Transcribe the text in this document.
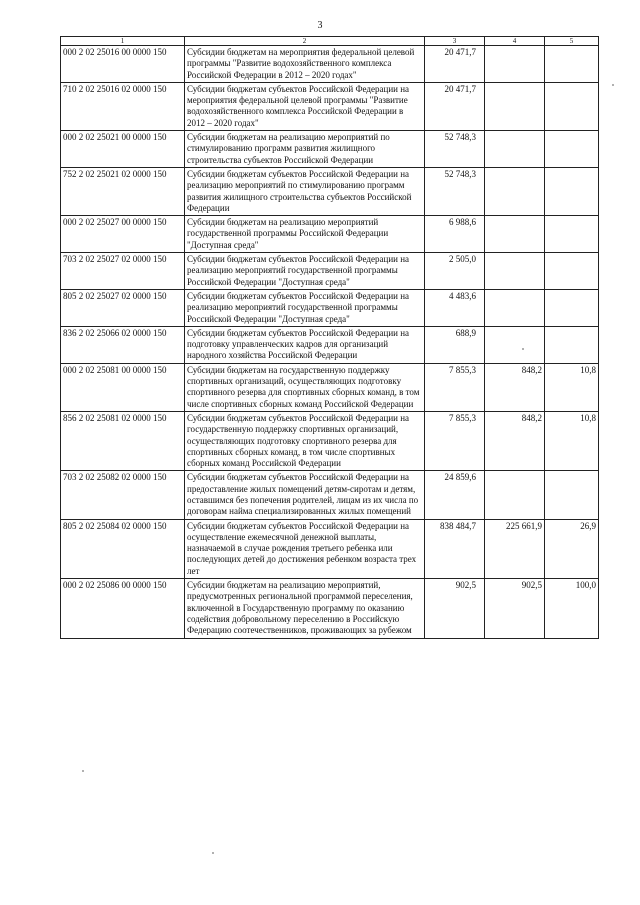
3
1	2	3	4	5
000 2 02 25016 00 0000 150	Субсидии бюджетам на мероприятия федеральной целевой программы "Развитие водохозяйственного комплекса Российской Федерации в 2012 – 2020 годах"	20 471,7		
710 2 02 25016 02 0000 150	Субсидии бюджетам субъектов Российской Федерации на мероприятия федеральной целевой программы "Развитие водохозяйственного комплекса Российской Федерации в 2012 – 2020 годах"	20 471,7		
000 2 02 25021 00 0000 150	Субсидии бюджетам на реализацию мероприятий по стимулированию программ развития жилищного строительства субъектов Российской Федерации	52 748,3		
752 2 02 25021 02 0000 150	Субсидии бюджетам субъектов Российской Федерации на реализацию мероприятий по стимулированию программ развития жилищного строительства субъектов Российской Федерации	52 748,3		
000 2 02 25027 00 0000 150	Субсидии бюджетам на реализацию мероприятий государственной программы Российской Федерации "Доступная среда"	6 988,6		
703 2 02 25027 02 0000 150	Субсидии бюджетам субъектов Российской Федерации на реализацию мероприятий государственной программы Российской Федерации "Доступная среда"	2 505,0		
805 2 02 25027 02 0000 150	Субсидии бюджетам субъектов Российской Федерации на реализацию мероприятий государственной программы Российской Федерации "Доступная среда"	4 483,6		
836 2 02 25066 02 0000 150	Субсидии бюджетам субъектов Российской Федерации на подготовку управленческих кадров для организаций народного хозяйства Российской Федерации	688,9		
000 2 02 25081 00 0000 150	Субсидии бюджетам на государственную поддержку спортивных организаций, осуществляющих подготовку спортивного резерва для спортивных сборных команд, в том числе спортивных сборных команд Российской Федерации	7 855,3	848,2	10,8
856 2 02 25081 02 0000 150	Субсидии бюджетам субъектов Российской Федерации на государственную поддержку спортивных организаций, осуществляющих подготовку спортивного резерва для спортивных сборных команд, в том числе спортивных сборных команд Российской Федерации	7 855,3	848,2	10,8
703 2 02 25082 02 0000 150	Субсидии бюджетам субъектов Российской Федерации на предоставление жилых помещений детям-сиротам и детям, оставшимся без попечения родителей, лицам из их числа по договорам найма специализированных жилых помещений	24 859,6		
805 2 02 25084 02 0000 150	Субсидии бюджетам субъектов Российской Федерации на осуществление ежемесячной денежной выплаты, назначаемой в случае рождения третьего ребенка или последующих детей до достижения ребенком возраста трех лет	838 484,7	225 661,9	26,9
000 2 02 25086 00 0000 150	Субсидии бюджетам на реализацию мероприятий, предусмотренных региональной программой переселения, включенной в Государственную программу по оказанию содействия добровольному переселению в Российскую Федерацию соотечественников, проживающих за рубежом	902,5	902,5	100,0
